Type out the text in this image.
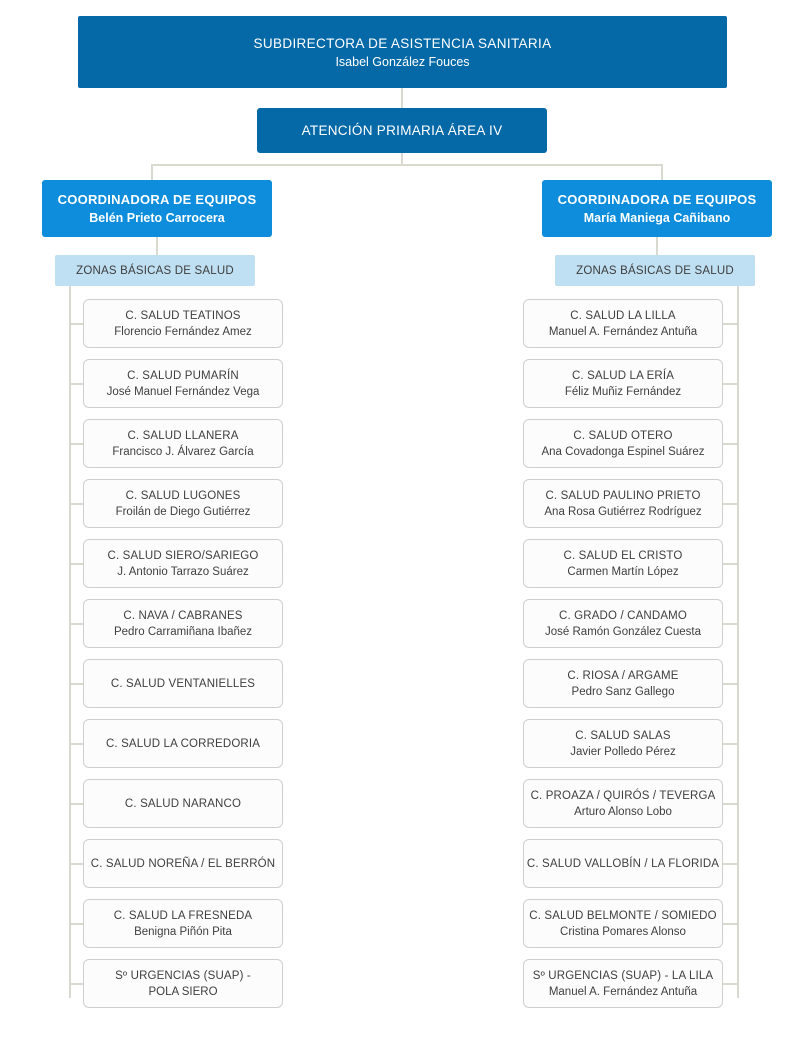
SUBDIRECTORA DE ASISTENCIA SANITARIA
Isabel González Fouces
ATENCIÓN PRIMARIA ÁREA IV
COORDINADORA DE EQUIPOS
Belén Prieto Carrocera
COORDINADORA DE EQUIPOS
María Maniega Cañibano
ZONAS BÁSICAS DE SALUD	ZONAS BÁSICAS DE SALUD
C. SALUD TEATINOS
Florencio Fernández Amez
C. SALUD PUMARÍN
José Manuel Fernández Vega
C. SALUD LLANERA
Francisco J. Álvarez García
C. SALUD LUGONES
Froilán de Diego Gutiérrez
C. SALUD SIERO/SARIEGO
J. Antonio Tarrazo Suárez
C. NAVA / CABRANES
Pedro Carramiñana Ibañez
C. SALUD VENTANIELLES
C. SALUD LA CORREDORIA
C. SALUD NARANCO
C. SALUD NOREÑA / EL BERRÓN
C. SALUD LA FRESNEDA
Benigna Piñón Pita
Sº URGENCIAS (SUAP) -
POLA SIERO
C. SALUD LA LILLA
Manuel A. Fernández Antuña
C. SALUD LA ERÍA
Féliz Muñiz Fernández
C. SALUD OTERO
Ana Covadonga Espinel Suárez
C. SALUD PAULINO PRIETO
Ana Rosa Gutiérrez Rodríguez
C. SALUD EL CRISTO
Carmen Martín López
C. GRADO / CANDAMO
José Ramón González Cuesta
C. RIOSA / ARGAME
Pedro Sanz Gallego
C. SALUD SALAS
Javier Polledo Pérez
C. PROAZA / QUIRÓS / TEVERGA
Arturo Alonso Lobo
C. SALUD VALLOBÍN / LA FLORIDA
C. SALUD BELMONTE / SOMIEDO
Cristina Pomares Alonso
Sº URGENCIAS (SUAP) - LA LILA
Manuel A. Fernández Antuña
